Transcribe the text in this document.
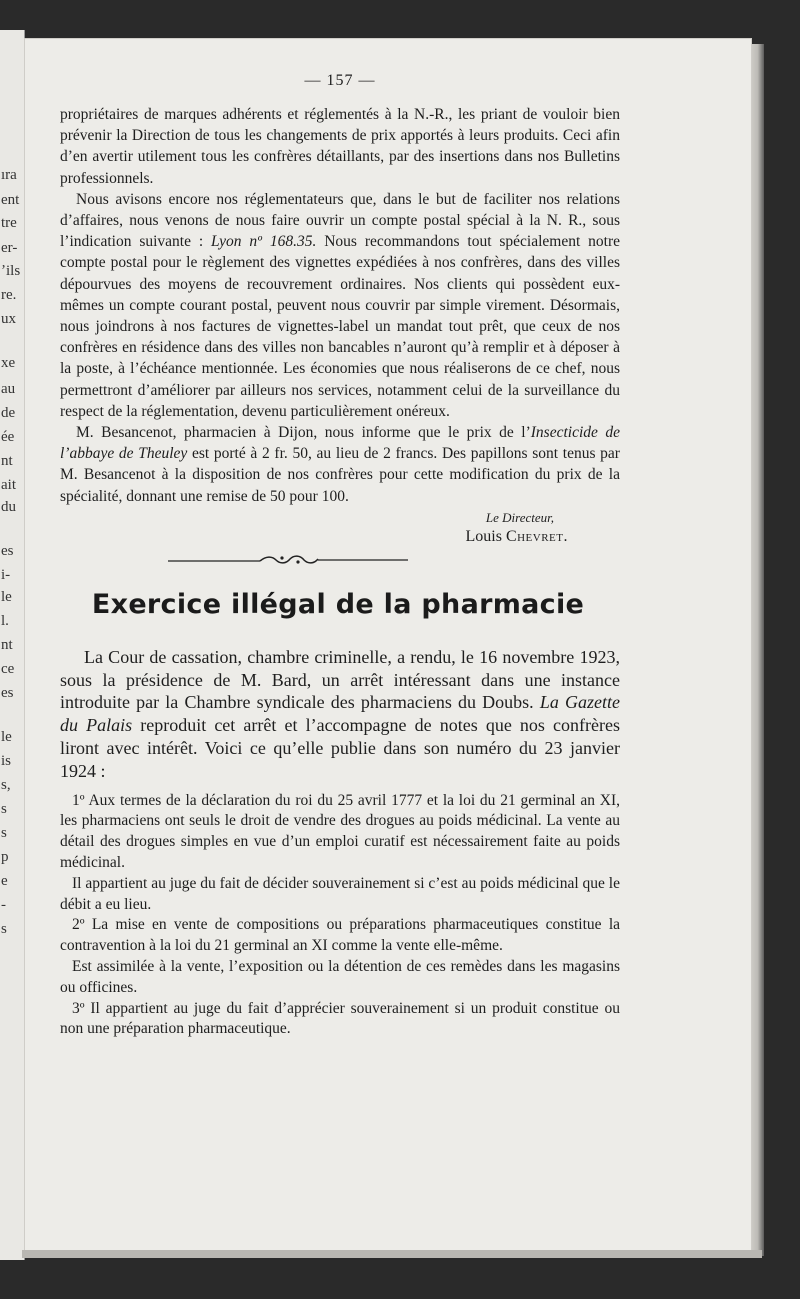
ıra
ent
tre
er-
ʼils
re.
ux
xe
au
de
ée
nt
ait
du
es
i-
le
l.
nt
ce
es
le
is
s,
s
s
p
e
-
s
— 157 —

propriétaires de marques adhérents et réglementés à la N.-R., les priant de vouloir bien prévenir la Direction de tous les changements de prix apportés à leurs produits. Ceci afin d’en avertir utilement tous les confrères détaillants, par des insertions dans nos Bulletins professionnels.

Nous avisons encore nos réglementateurs que, dans le but de faciliter nos relations d’affaires, nous venons de nous faire ouvrir un compte postal spécial à la N. R., sous l’indication suivante : Lyon nº 168.35. Nous recommandons tout spécialement notre compte postal pour le règlement des vignettes expédiées à nos confrères, dans des villes dépourvues des moyens de recouvrement ordinaires. Nos clients qui possèdent eux-mêmes un compte courant postal, peuvent nous couvrir par simple virement. Désormais, nous joindrons à nos factures de vignettes-label un mandat tout prêt, que ceux de nos confrères en résidence dans des villes non bancables n’auront qu’à remplir et à déposer à la poste, à l’échéance mentionnée. Les économies que nous réaliserons de ce chef, nous permettront d’améliorer par ailleurs nos services, notamment celui de la surveillance du respect de la réglementation, devenu particulièrement onéreux.

M. Besancenot, pharmacien à Dijon, nous informe que le prix de l’Insecticide de l’abbaye de Theuley est porté à 2 fr. 50, au lieu de 2 francs. Des papillons sont tenus par M. Besancenot à la disposition de nos confrères pour cette modification du prix de la spécialité, donnant une remise de 50 pour 100.

Le Directeur,
Louis Chevret.
Exercice illégal de la pharmacie

La Cour de cassation, chambre criminelle, a rendu, le 16 novembre 1923, sous la présidence de M. Bard, un arrêt intéressant dans une instance introduite par la Chambre syndicale des pharmaciens du Doubs. La Gazette du Palais reproduit cet arrêt et l’accompagne de notes que nos confrères liront avec intérêt. Voici ce qu’elle publie dans son numéro du 23 janvier 1924 :

1º Aux termes de la déclaration du roi du 25 avril 1777 et la loi du 21 germinal an XI, les pharmaciens ont seuls le droit de vendre des drogues au poids médicinal. La vente au détail des drogues simples en vue d’un emploi curatif est nécessairement faite au poids médicinal.

Il appartient au juge du fait de décider souverainement si c’est au poids médicinal que le débit a eu lieu.

2º La mise en vente de compositions ou préparations pharmaceutiques constitue la contravention à la loi du 21 germinal an XI comme la vente elle-même.

Est assimilée à la vente, l’exposition ou la détention de ces remèdes dans les magasins ou officines.

3º Il appartient au juge du fait d’apprécier souverainement si un produit constitue ou non une préparation pharmaceutique.
